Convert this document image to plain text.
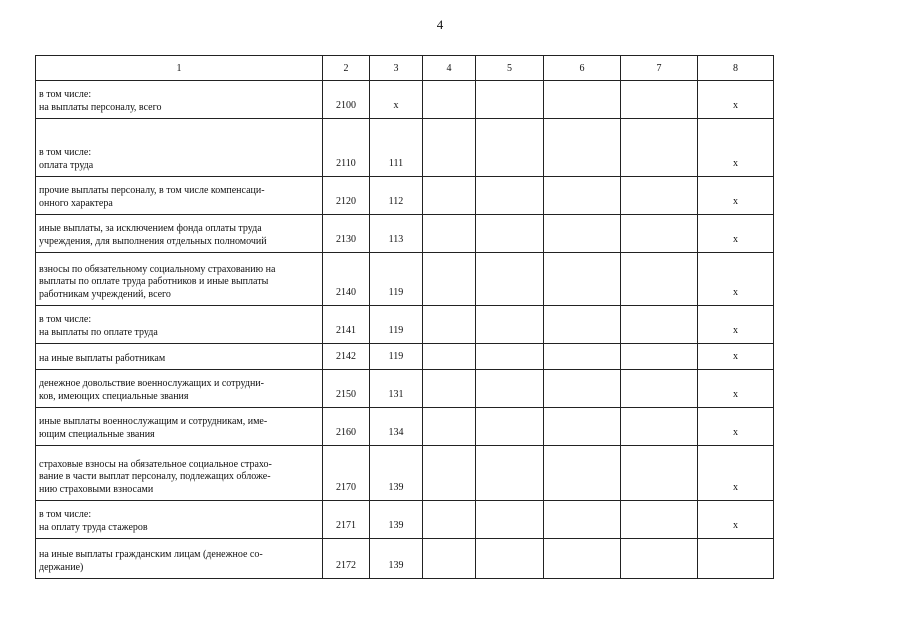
4
1	2	3	4	5	6	7	8

в том числе:
на выплаты персоналу, всего	2100	x					x

в том числе:
оплата труда	2110	111					x

прочие выплаты персоналу, в том числе компенсаци-
онного характера	2120	112					x

иные выплаты, за исключением фонда оплаты труда
учреждения, для выполнения отдельных полномочий	2130	113					x

взносы по обязательному социальному страхованию на
выплаты по оплате труда работников и иные выплаты
работникам учреждений, всего	2140	119					x

в том числе:
на выплаты по оплате труда	2141	119					x

на иные выплаты работникам	2142	119					x

денежное довольствие военнослужащих и сотрудни-
ков, имеющих специальные звания	2150	131					x

иные выплаты военнослужащим и сотрудникам, име-
ющим специальные звания	2160	134					x

страховые взносы на обязательное социальное страхо-
вание в части выплат персоналу, подлежащих обложе-
нию страховыми взносами	2170	139					x

в том числе:
на оплату труда стажеров	2171	139					x

на иные выплаты гражданским лицам (денежное со-
держание)	2172	139					
